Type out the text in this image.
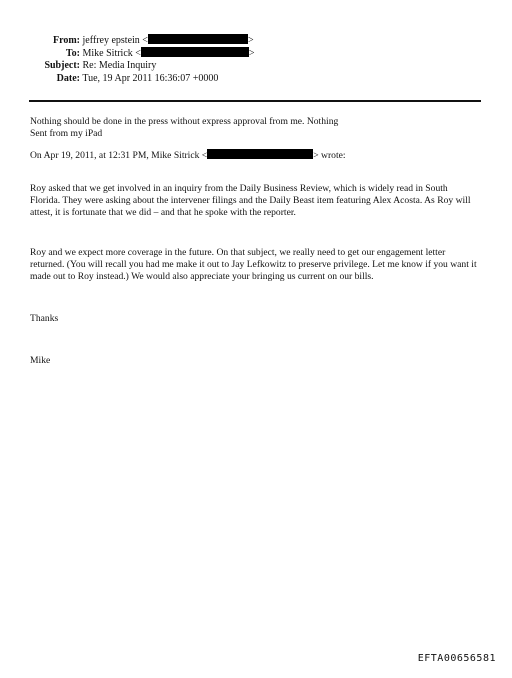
From: jeffrey epstein <	>
To: Mike Sitrick <	>
Subject: Re: Media Inquiry
Date: Tue, 19 Apr 2011 16:36:07 +0000
Nothing should be done in the press without express approval from me. Nothing
Sent from my iPad
On Apr 19, 2011, at 12:31 PM, Mike Sitrick <	> wrote:
Roy asked that we get involved in an inquiry from the Daily Business Review, which is widely read in South Florida. They were asking about the intervener filings and the Daily Beast item featuring Alex Acosta. As Roy will attest, it is fortunate that we did – and that he spoke with the reporter.
Roy and we expect more coverage in the future. On that subject, we really need to get our engagement letter returned. (You will recall you had me make it out to Jay Lefkowitz to preserve privilege. Let me know if you want it made out to Roy instead.) We would also appreciate your bringing us current on our bills.
Thanks
Mike
EFTA00656581
